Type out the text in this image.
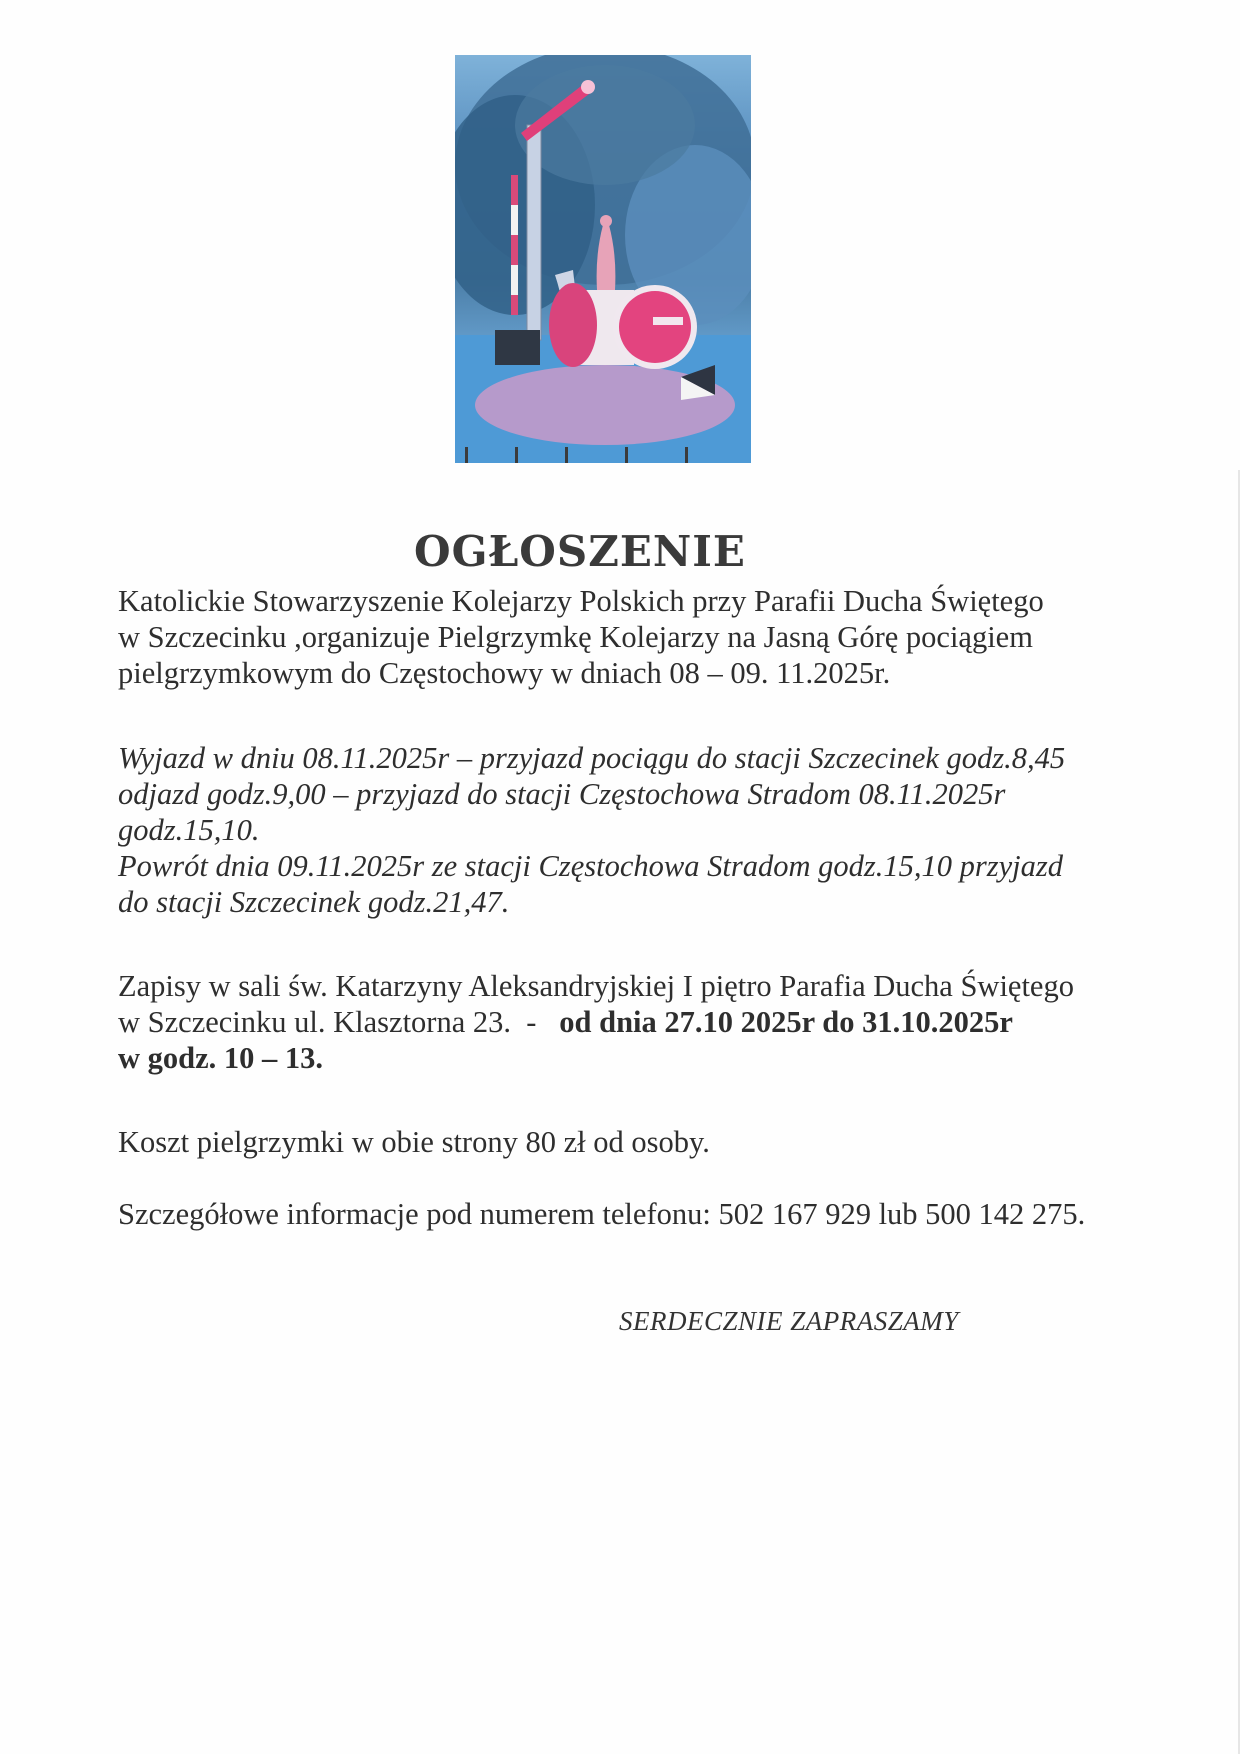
OGŁOSZENIE
Katolickie Stowarzyszenie Kolejarzy Polskich przy Parafii Ducha Świętego
w Szczecinku ,organizuje Pielgrzymkę Kolejarzy na Jasną Górę pociągiem
pielgrzymkowym do Częstochowy w dniach 08 – 09. 11.2025r.
Wyjazd w dniu 08.11.2025r – przyjazd pociągu do stacji Szczecinek godz.8,45
odjazd godz.9,00 – przyjazd do stacji Częstochowa Stradom 08.11.2025r
godz.15,10.
Powrót dnia 09.11.2025r ze stacji Częstochowa Stradom godz.15,10 przyjazd
do stacji Szczecinek godz.21,47.
Zapisy w sali św. Katarzyny Aleksandryjskiej I piętro Parafia Ducha Świętego
w Szczecinku ul. Klasztorna 23.  -   od dnia 27.10 2025r do 31.10.2025r
w godz. 10 – 13.
Koszt pielgrzymki w obie strony 80 zł od osoby.
Szczegółowe informacje pod numerem telefonu: 502 167 929 lub 500 142 275.
SERDECZNIE ZAPRASZAMY
